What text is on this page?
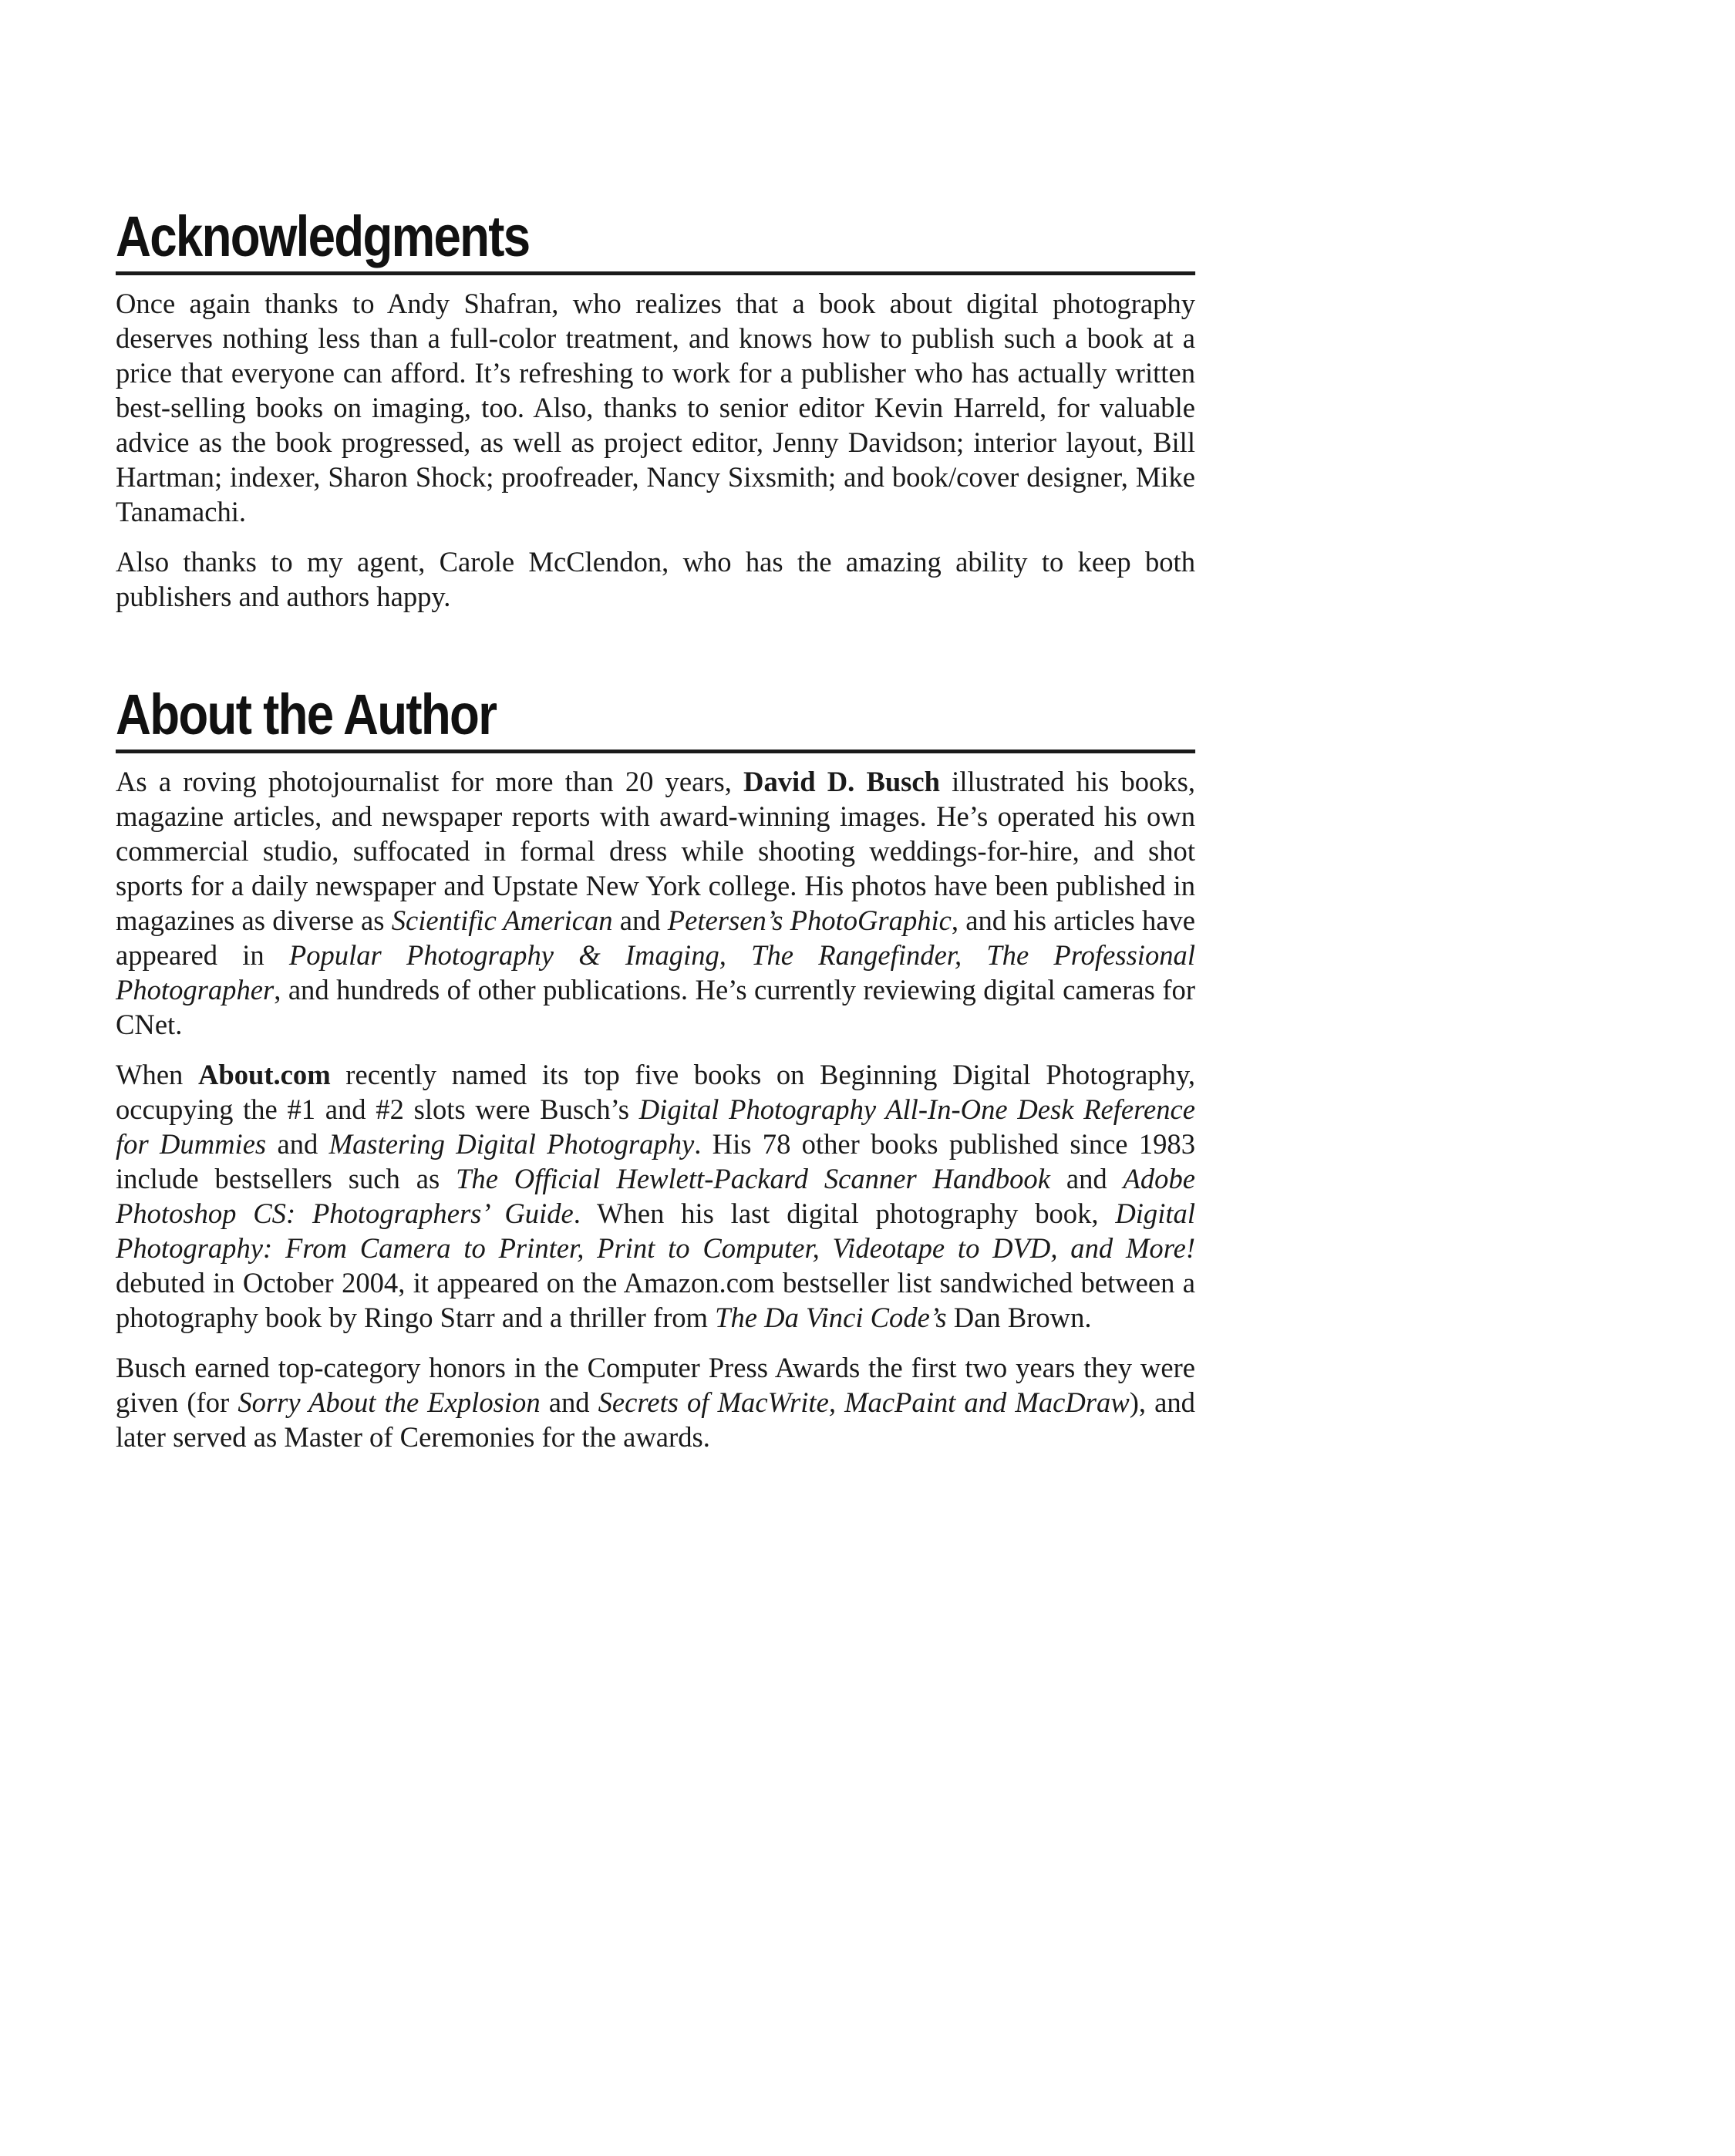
Acknowledgments

Once again thanks to Andy Shafran, who realizes that a book about digital photography deserves nothing less than a full-color treatment, and knows how to publish such a book at a price that everyone can afford. It’s refreshing to work for a publisher who has actually written best-selling books on imaging, too. Also, thanks to senior editor Kevin Harreld, for valuable advice as the book progressed, as well as project editor, Jenny Davidson; interior layout, Bill Hartman; indexer, Sharon Shock; proofreader, Nancy Sixsmith; and book/cover designer, Mike Tanamachi.

Also thanks to my agent, Carole McClendon, who has the amazing ability to keep both publishers and authors happy.

About the Author

As a roving photojournalist for more than 20 years, David D. Busch illustrated his books, magazine articles, and newspaper reports with award-winning images. He’s operated his own commercial studio, suffocated in formal dress while shooting weddings-for-hire, and shot sports for a daily newspaper and Upstate New York college. His photos have been published in magazines as diverse as Scientific American and Petersen’s PhotoGraphic, and his articles have appeared in Popular Photography & Imaging, The Rangefinder, The Professional Photographer, and hundreds of other publications. He’s currently reviewing digital cameras for CNet.

When About.com recently named its top five books on Beginning Digital Photography, occupying the #1 and #2 slots were Busch’s Digital Photography All-In-One Desk Reference for Dummies and Mastering Digital Photography. His 78 other books published since 1983 include bestsellers such as The Official Hewlett-Packard Scanner Handbook and Adobe Photoshop CS: Photographers’ Guide. When his last digital photography book, Digital Photography: From Camera to Printer, Print to Computer, Videotape to DVD, and More! debuted in October 2004, it appeared on the Amazon.com bestseller list sandwiched between a photography book by Ringo Starr and a thriller from The Da Vinci Code’s Dan Brown.

Busch earned top-category honors in the Computer Press Awards the first two years they were given (for Sorry About the Explosion and Secrets of MacWrite, MacPaint and MacDraw), and later served as Master of Ceremonies for the awards.
